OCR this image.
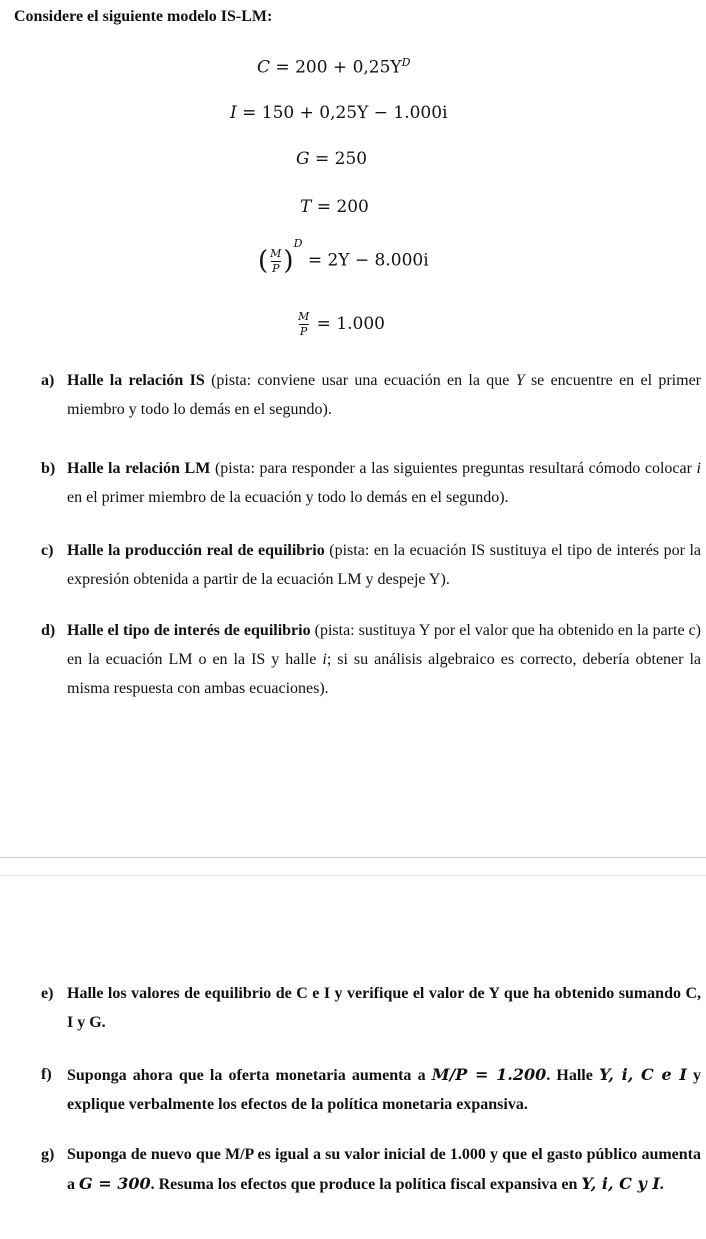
Considere el siguiente modelo IS-LM:
$C = 200 + 0,25Y^D$
I = 150 + 0,25Y − 1.000i
G = 250
T = 200
( $\frac{M}{P} )^D = 2Y - 8.000i$
$\frac{M}{P} = 1.000$
a) Halle la relación IS (pista: conviene usar una ecuación en la que Y se encuentre en el primer miembro y todo lo demás en el segundo).
b) Halle la relación LM (pista: para responder a las siguientes preguntas resultará cómodo colocar i en el primer miembro de la ecuación y todo lo demás en el segundo).
c) Halle la producción real de equilibrio (pista: en la ecuación IS sustituya el tipo de interés por la expresión obtenida a partir de la ecuación LM y despeje Y).
d) Halle el tipo de interés de equilibrio (pista: sustituya Y por el valor que ha obtenido en la parte c) en la ecuación LM o en la IS y halle i; si su análisis algebraico es correcto, debería obtener la misma respuesta con ambas ecuaciones).
e) Halle los valores de equilibrio de C e I y verifique el valor de Y que ha obtenido sumando C, I y G.
f) Suponga ahora que la oferta monetaria aumenta a M/P = 1.200. Halle Y, i, C e I y explique verbalmente los efectos de la política monetaria expansiva.
g) Suponga de nuevo que M/P es igual a su valor inicial de 1.000 y que el gasto público aumenta a G = 300. Resuma los efectos que produce la política fiscal expansiva en Y, i, C y I.
